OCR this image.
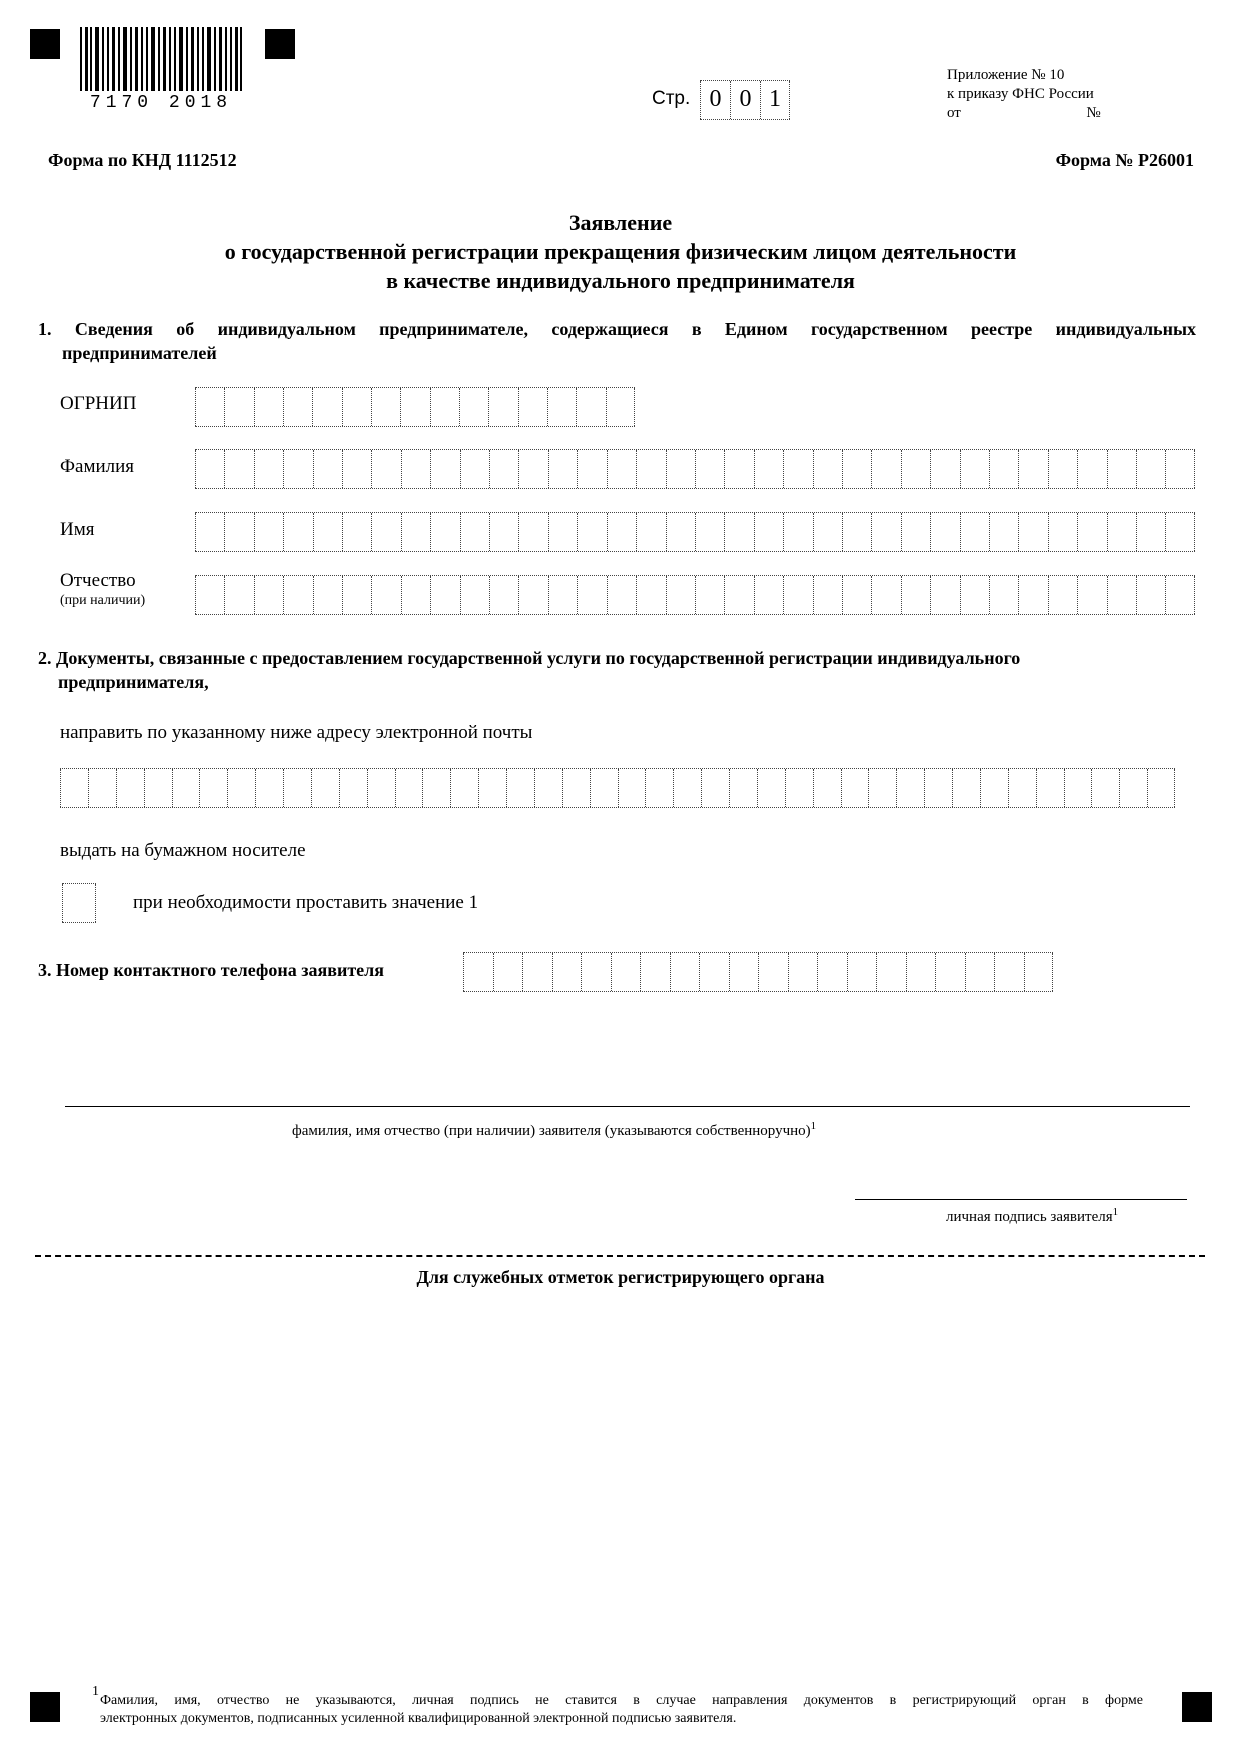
7170 2018	Стр. 0 0 1
Приложение № 10
к приказу ФНС России
от	№
Форма по КНД 1112512	Форма № Р26001
Заявление
о государственной регистрации прекращения физическим лицом деятельности
в качестве индивидуального предпринимателя
1. Сведения об индивидуальном предпринимателе, содержащиеся в Едином государственном реестре индивидуальных
предпринимателей
ОГРНИП
Фамилия
Имя
Отчество
(при наличии)
2. Документы, связанные с предоставлением государственной услуги по государственной регистрации индивидуального
предпринимателя,
направить по указанному ниже адресу электронной почты
выдать на бумажном носителе
при необходимости проставить значение 1
3. Номер контактного телефона заявителя
фамилия, имя отчество (при наличии) заявителя (указываются собственноручно)$^1$
личная подпись заявителя$^1$
Для служебных отметок регистрирующего органа
1
Фамилия, имя, отчество не указываются, личная подпись не ставится в случае направления документов в регистрирующий орган в форме
электронных документов, подписанных усиленной квалифицированной электронной подписью заявителя.
